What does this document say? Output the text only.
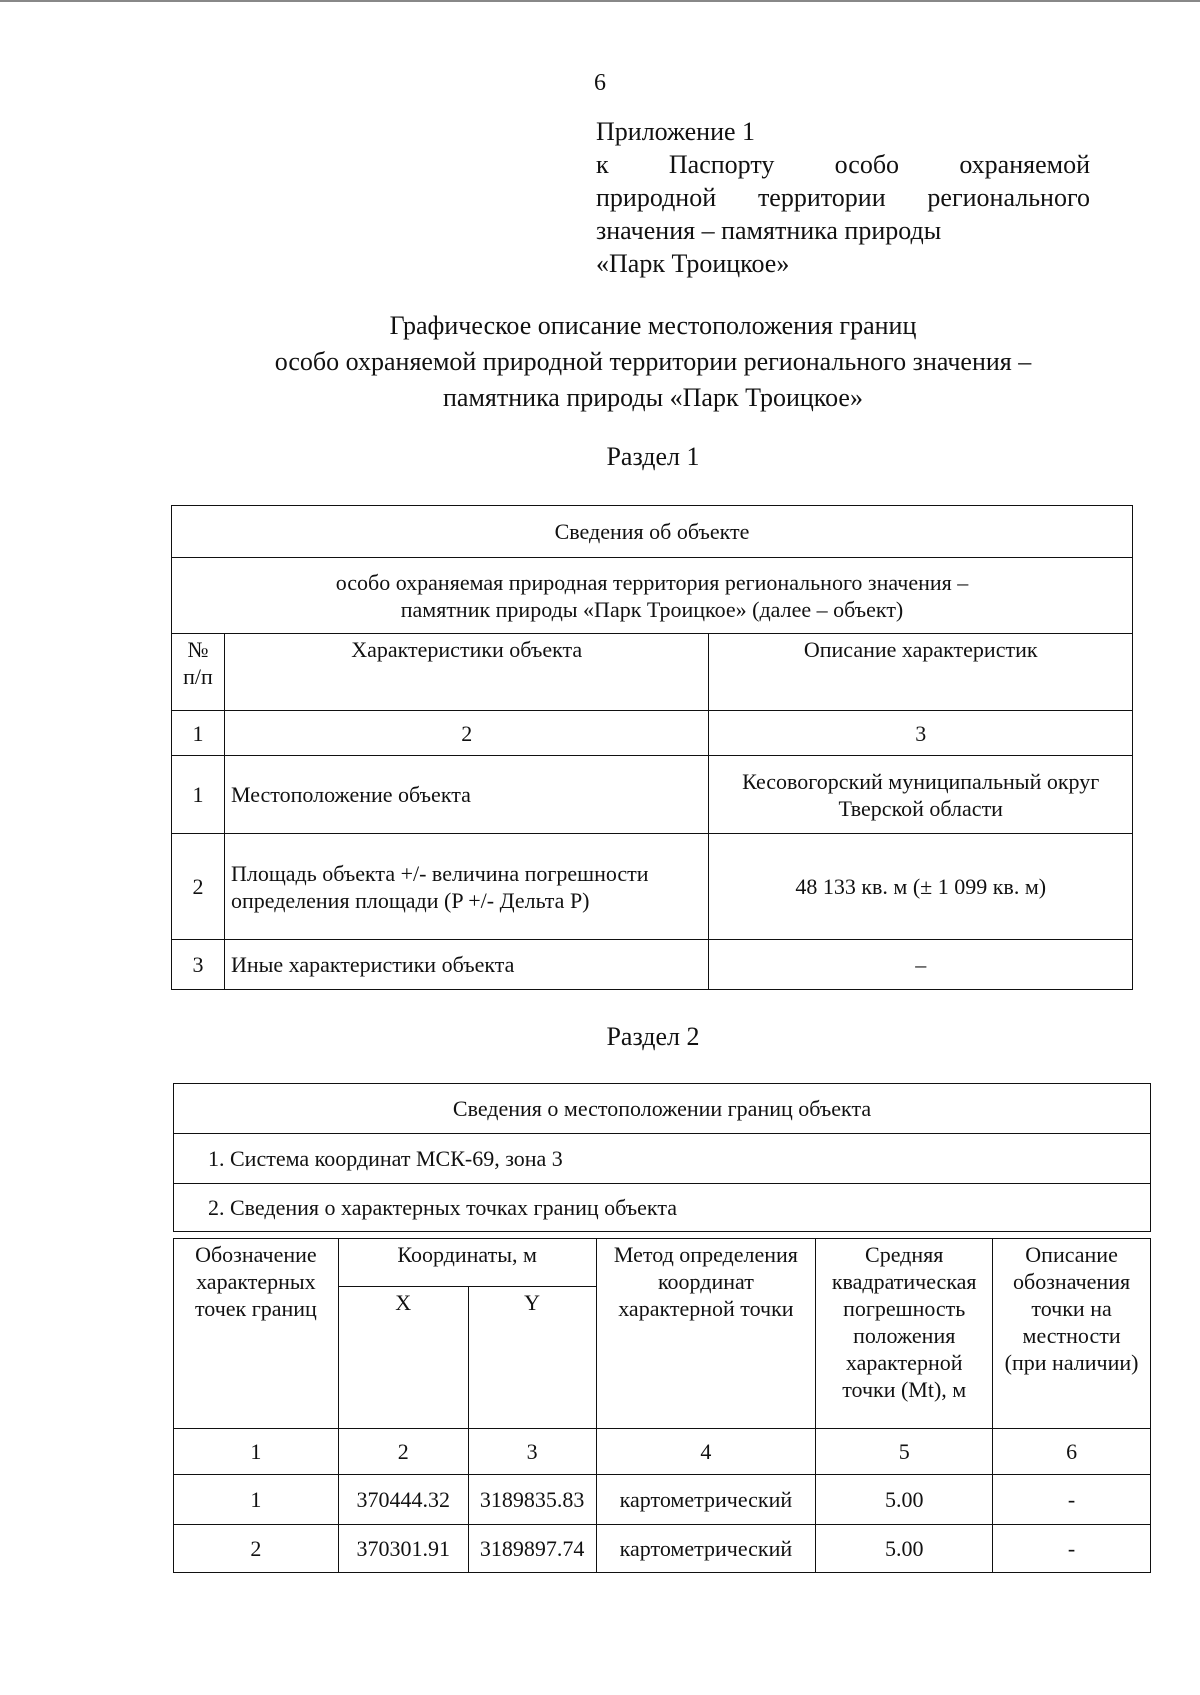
6
Приложение 1
к Паспорту особо охраняемой
природной территории регионального
значения – памятника природы
«Парк Троицкое»
Графическое описание местоположения границ
особо охраняемой природной территории регионального значения –
памятника природы «Парк Троицкое»
Раздел 1
Сведения об объекте		

особо охраняемая природная территория регионального значения –
памятник природы «Парк Троицкое» (далее – объект)		

№ п/п	Характеристики объекта	Описание характеристик
1	2	3
1	Местоположение объекта	Кесовогорский муниципальный округ Тверской области
2	Площадь объекта +/- величина погрешности определения площади (P +/- Дельта P)	48 133 кв. м (± 1 099 кв. м)
3	Иные характеристики объекта	–
Раздел 2
Сведения о местоположении границ объекта
1. Система координат МСК-69, зона 3
2. Сведения о характерных точках границ объекта
Обозначение характерных точек границ	Координаты, м		Метод определения координат характерной точки	Средняя квадратическая погрешность положения характерной точки (Mt), м	Описание обозначения точки на местности (при наличии)
	X	Y			
1	2	3	4	5	6
1	370444.32	3189835.83	картометрический	5.00	-
2	370301.91	3189897.74	картометрический	5.00	-
